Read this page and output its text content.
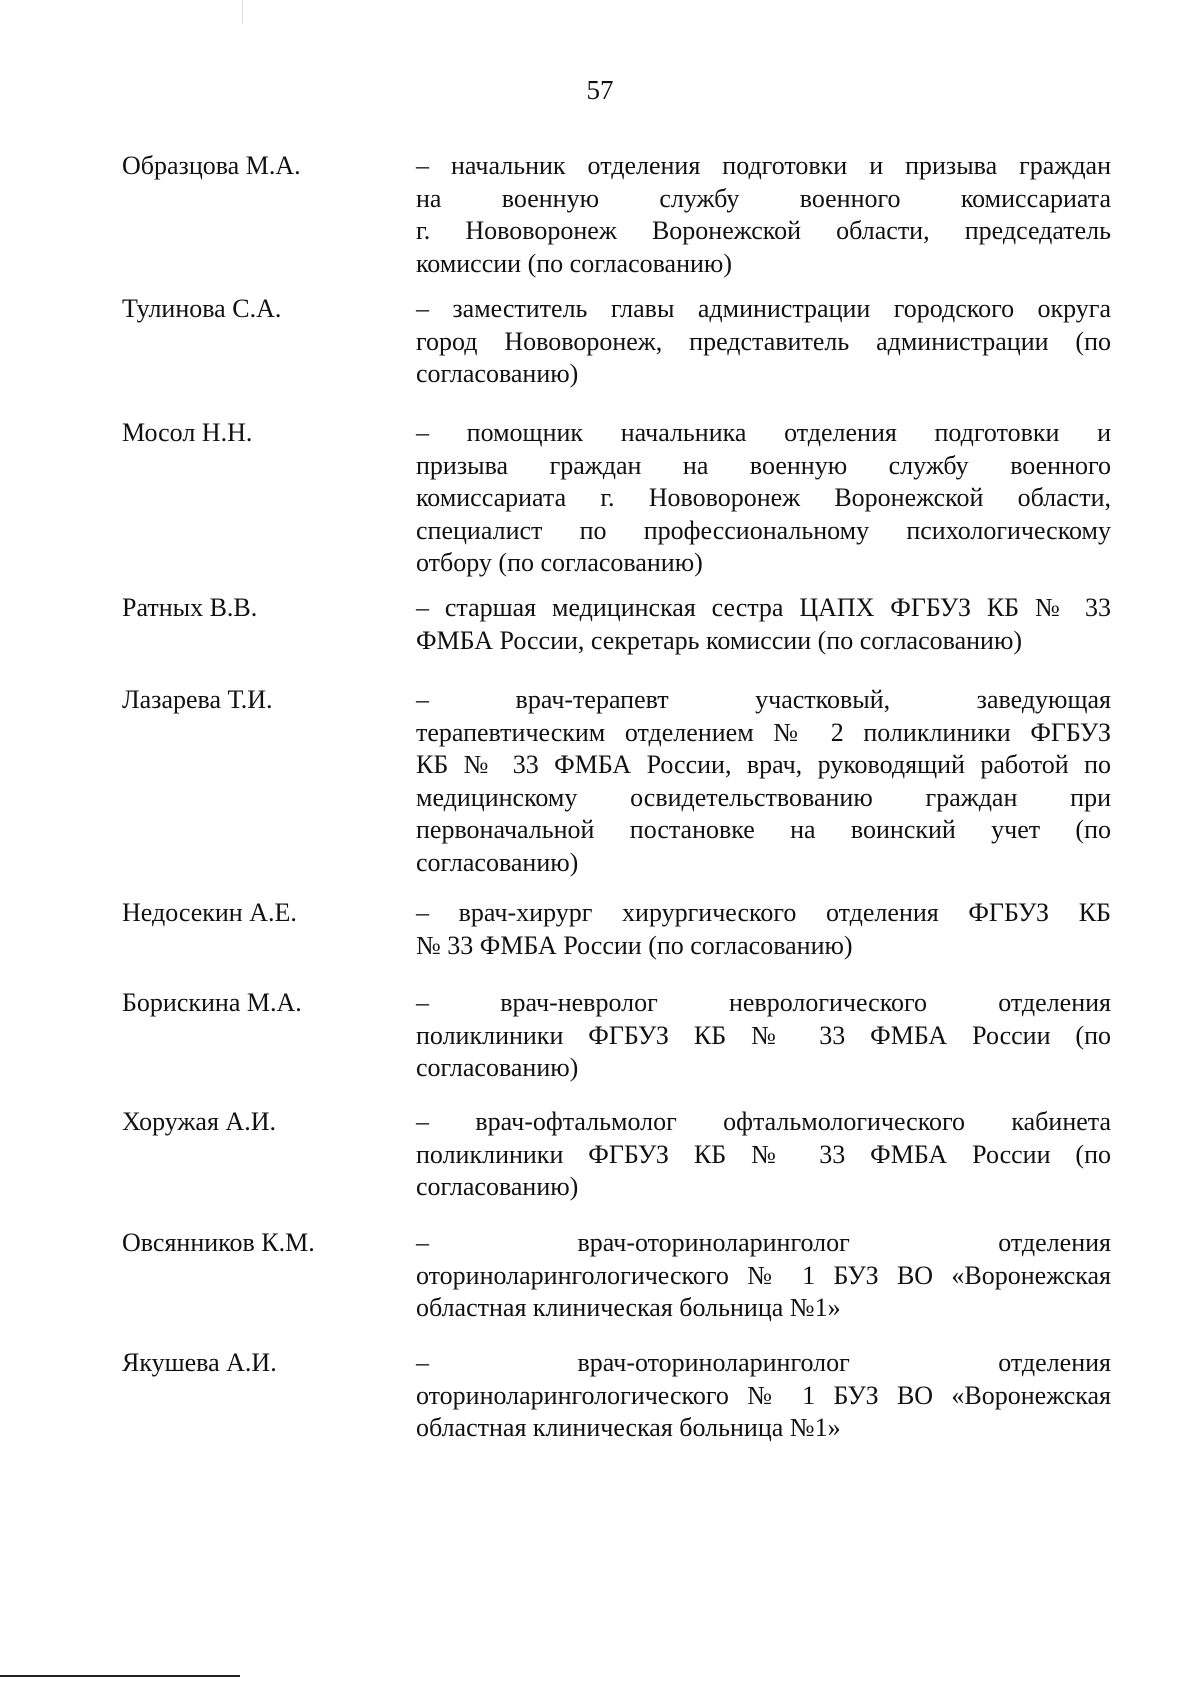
57
Образцова М.А.	– начальник отделения подготовки и призыва граждан
на военную службу военного комиссариата
г. Нововоронеж Воронежской области, председатель
комиссии (по согласованию)
Тулинова С.А.	– заместитель главы администрации городского округа
город Нововоронеж, представитель администрации (по
согласованию)
Мосол Н.Н.	– помощник начальника отделения подготовки и
призыва граждан на военную службу военного
комиссариата г. Нововоронеж Воронежской области,
специалист по профессиональному психологическому
отбору (по согласованию)
Ратных В.В.	– старшая медицинская сестра ЦАПХ ФГБУЗ КБ № 33
ФМБА России, секретарь комиссии (по согласованию)
Лазарева Т.И.	– врач-терапевт участковый, заведующая
терапевтическим отделением № 2 поликлиники ФГБУЗ
КБ № 33 ФМБА России, врач, руководящий работой по
медицинскому освидетельствованию граждан при
первоначальной постановке на воинский учет (по
согласованию)
Недосекин А.Е.	– врач-хирург хирургического отделения ФГБУЗ КБ
№ 33 ФМБА России (по согласованию)
Борискина М.А.	– врач-невролог неврологического отделения
поликлиники ФГБУЗ КБ № 33 ФМБА России (по
согласованию)
Хоружая А.И.	– врач-офтальмолог офтальмологического кабинета
поликлиники ФГБУЗ КБ № 33 ФМБА России (по
согласованию)
Овсянников К.М.	– врач-оториноларинголог отделения
оториноларингологического № 1 БУЗ ВО «Воронежская
областная клиническая больница №1»
Якушева А.И.	– врач-оториноларинголог отделения
оториноларингологического № 1 БУЗ ВО «Воронежская
областная клиническая больница №1»
